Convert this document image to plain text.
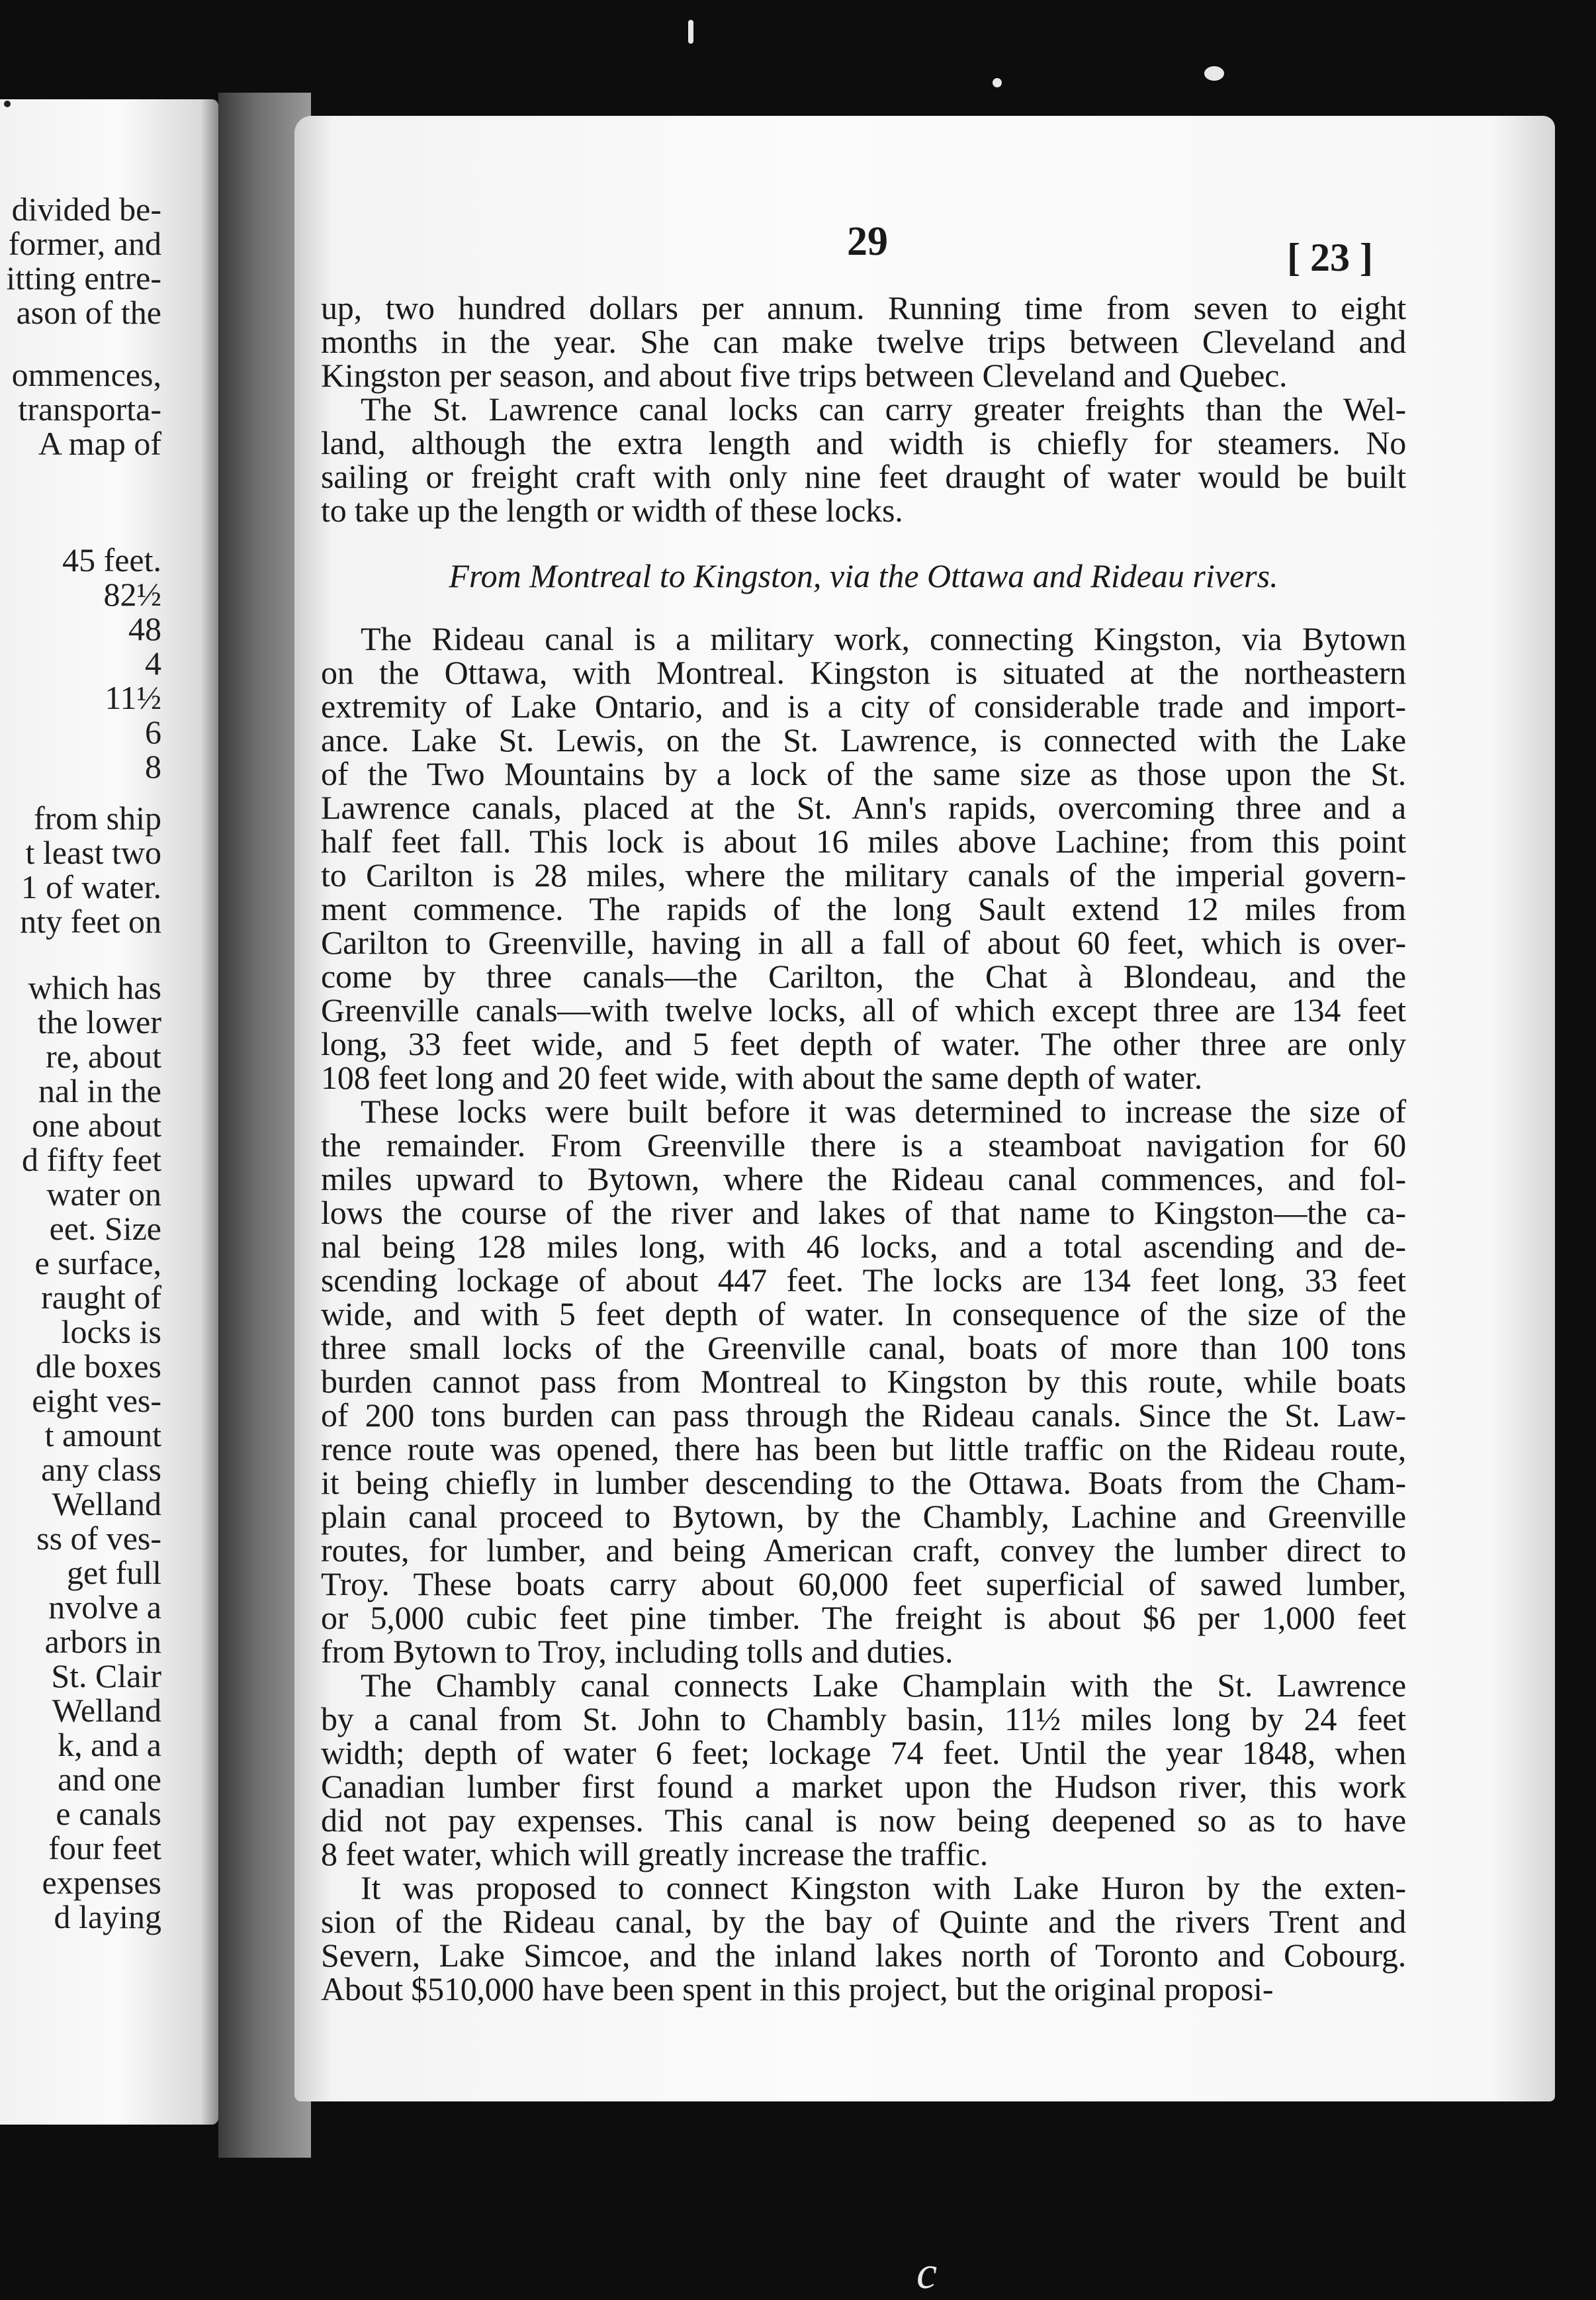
divided be-
former, and
itting entre-
ason of the
ommences,
transporta-
A map of
45 feet.
82½
48
4
11½
6
8
from ship
t least two
1 of water.
nty feet on
which has
the lower
re, about
nal in the
one about
d fifty feet
water on
eet. Size
e surface,
raught of
locks is
dle boxes
eight ves-
t amount
any class
Welland
ss of ves-
get full
nvolve a
arbors in
St. Clair
Welland
k, and a
and one
e canals
four feet
expenses
d laying
29	[ 23 ]
up, two hundred dollars per annum. Running time from seven to eight
months in the year. She can make twelve trips between Cleveland and
Kingston per season, and about five trips between Cleveland and Quebec.
The St. Lawrence canal locks can carry greater freights than the Wel-
land, although the extra length and width is chiefly for steamers. No
sailing or freight craft with only nine feet draught of water would be built
to take up the length or width of these locks.
From Montreal to Kingston, via the Ottawa and Rideau rivers.
The Rideau canal is a military work, connecting Kingston, via Bytown
on the Ottawa, with Montreal. Kingston is situated at the northeastern
extremity of Lake Ontario, and is a city of considerable trade and import-
ance. Lake St. Lewis, on the St. Lawrence, is connected with the Lake
of the Two Mountains by a lock of the same size as those upon the St.
Lawrence canals, placed at the St. Ann's rapids, overcoming three and a
half feet fall. This lock is about 16 miles above Lachine; from this point
to Carilton is 28 miles, where the military canals of the imperial govern-
ment commence. The rapids of the long Sault extend 12 miles from
Carilton to Greenville, having in all a fall of about 60 feet, which is over-
come by three canals—the Carilton, the Chat à Blondeau, and the
Greenville canals—with twelve locks, all of which except three are 134 feet
long, 33 feet wide, and 5 feet depth of water. The other three are only
108 feet long and 20 feet wide, with about the same depth of water.
These locks were built before it was determined to increase the size of
the remainder. From Greenville there is a steamboat navigation for 60
miles upward to Bytown, where the Rideau canal commences, and fol-
lows the course of the river and lakes of that name to Kingston—the ca-
nal being 128 miles long, with 46 locks, and a total ascending and de-
scending lockage of about 447 feet. The locks are 134 feet long, 33 feet
wide, and with 5 feet depth of water. In consequence of the size of the
three small locks of the Greenville canal, boats of more than 100 tons
burden cannot pass from Montreal to Kingston by this route, while boats
of 200 tons burden can pass through the Rideau canals. Since the St. Law-
rence route was opened, there has been but little traffic on the Rideau route,
it being chiefly in lumber descending to the Ottawa. Boats from the Cham-
plain canal proceed to Bytown, by the Chambly, Lachine and Greenville
routes, for lumber, and being American craft, convey the lumber direct to
Troy. These boats carry about 60,000 feet superficial of sawed lumber,
or 5,000 cubic feet pine timber. The freight is about $6 per 1,000 feet
from Bytown to Troy, including tolls and duties.
The Chambly canal connects Lake Champlain with the St. Lawrence
by a canal from St. John to Chambly basin, 11½ miles long by 24 feet
width; depth of water 6 feet; lockage 74 feet. Until the year 1848, when
Canadian lumber first found a market upon the Hudson river, this work
did not pay expenses. This canal is now being deepened so as to have
8 feet water, which will greatly increase the traffic.
It was proposed to connect Kingston with Lake Huron by the exten-
sion of the Rideau canal, by the bay of Quinte and the rivers Trent and
Severn, Lake Simcoe, and the inland lakes north of Toronto and Cobourg.
About $510,000 have been spent in this project, but the original proposi-
c
